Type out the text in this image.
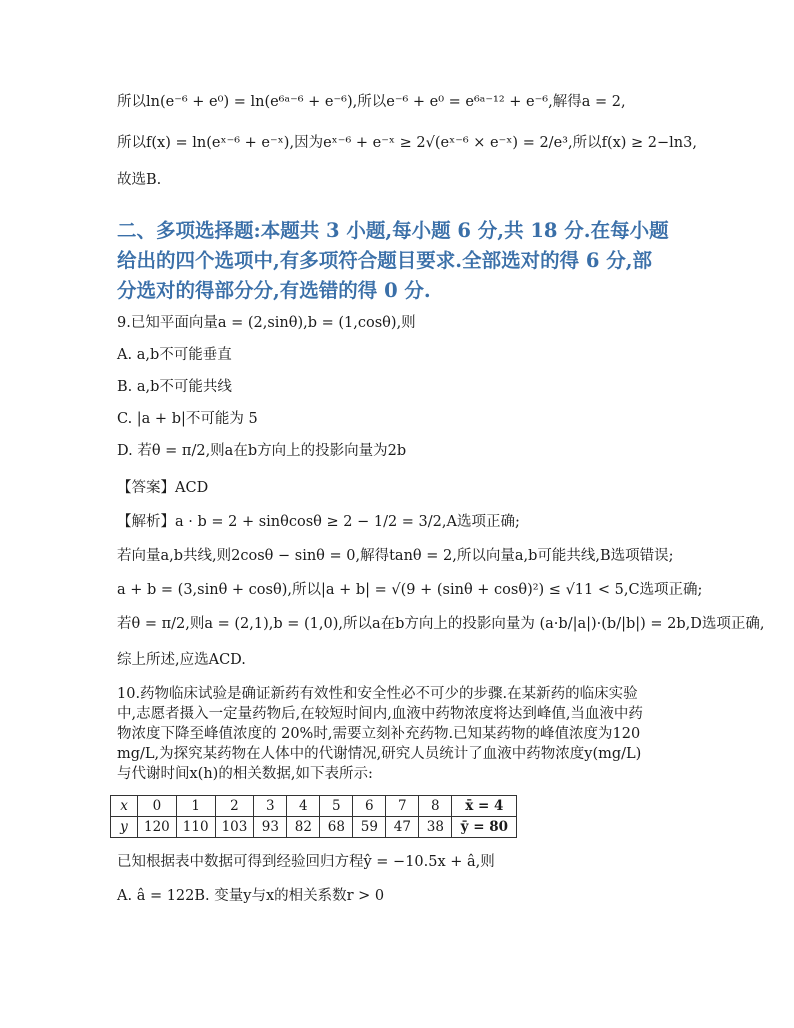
所以ln(e⁻⁶ + e⁰) = ln(e⁶ᵃ⁻⁶ + e⁻⁶),所以e⁻⁶ + e⁰ = e⁶ᵃ⁻¹² + e⁻⁶,解得a = 2,
所以f(x) = ln(eˣ⁻⁶ + e⁻ˣ),因为eˣ⁻⁶ + e⁻ˣ ≥ 2√(eˣ⁻⁶ × e⁻ˣ) = 2/e³,所以f(x) ≥ 2−ln3,
故选B.
二、多项选择题:本题共 3 小题,每小题 6 分,共 18 分.在每小题
给出的四个选项中,有多项符合题目要求.全部选对的得 6 分,部
分选对的得部分分,有选错的得 0 分.
9.已知平面向量a = (2,sinθ),b = (1,cosθ),则
A. a,b不可能垂直
B. a,b不可能共线
C. |a + b|不可能为 5
D. 若θ = π/2,则a在b方向上的投影向量为2b
【答案】ACD
【解析】a · b = 2 + sinθcosθ ≥ 2 − 1/2 = 3/2,A选项正确;
若向量a,b共线,则2cosθ − sinθ = 0,解得tanθ = 2,所以向量a,b可能共线,B选项错误;
a + b = (3,sinθ + cosθ),所以|a + b| = √(9 + (sinθ + cosθ)²) ≤ √11 < 5,C选项正确;
若θ = π/2,则a = (2,1),b = (1,0),所以a在b方向上的投影向量为 (a·b/|a|)·(b/|b|) = 2b,D选项正确,
综上所述,应选ACD.
10.药物临床试验是确证新药有效性和安全性必不可少的步骤.在某新药的临床实验
中,志愿者摄入一定量药物后,在较短时间内,血液中药物浓度将达到峰值,当血液中药
物浓度下降至峰值浓度的 20%时,需要立刻补充药物.已知某药物的峰值浓度为120
mg/L,为探究某药物在人体中的代谢情况,研究人员统计了血液中药物浓度y(mg/L)
与代谢时间x(h)的相关数据,如下表所示:
x	0	1	2	3	4	5	6	7	8	x̄ = 4
y	120	110	103	93	82	68	59	47	38	ȳ = 80
已知根据表中数据可得到经验回归方程ŷ = −10.5x + â,则
A. â = 122B. 变量y与x的相关系数r > 0
